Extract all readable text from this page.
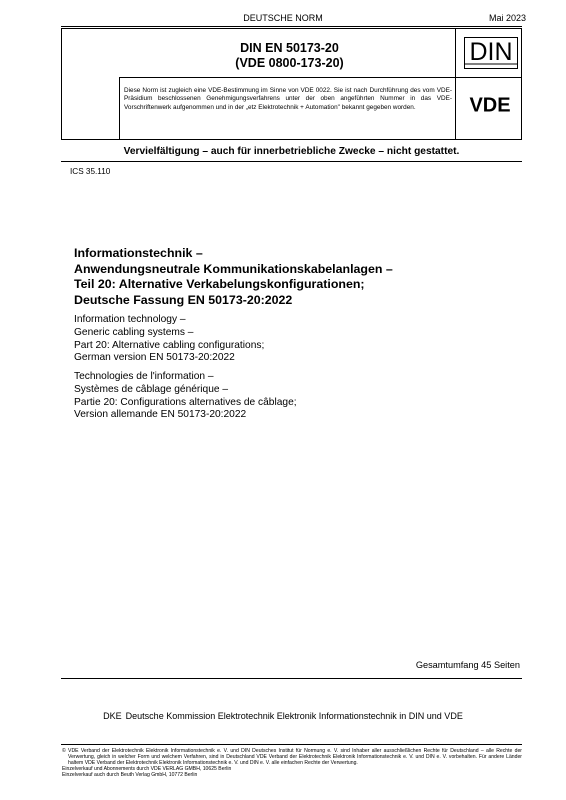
DEUTSCHE NORM	Mai 2023
DIN EN 50173-20
(VDE 0800-173-20)
Diese Norm ist zugleich eine VDE-Bestimmung im Sinne von VDE 0022. Sie ist nach Durchführung des vom VDE-Präsidium beschlossenen Genehmigungsverfahrens unter der oben angeführten Nummer in das VDE-Vorschriftenwerk aufgenommen und in der „etz Elektrotechnik + Automation" bekannt gegeben worden.
DIN
VDE
Vervielfältigung – auch für innerbetriebliche Zwecke – nicht gestattet.
ICS 35.110
Informationstechnik –
Anwendungsneutrale Kommunikationskabelanlagen –
Teil 20: Alternative Verkabelungskonfigurationen;
Deutsche Fassung EN 50173-20:2022
Information technology –
Generic cabling systems –
Part 20: Alternative cabling configurations;
German version EN 50173-20:2022
Technologies de l'information –
Systèmes de câblage générique –
Partie 20: Configurations alternatives de câblage;
Version allemande EN 50173-20:2022
Gesamtumfang 45 Seiten
DKE Deutsche Kommission Elektrotechnik Elektronik Informationstechnik in DIN und VDE
© VDE Verband der Elektrotechnik Elektronik Informationstechnik e. V. und DIN Deutsches Institut für Normung e. V. sind Inhaber aller ausschließlichen Rechte für Deutschland – alle Rechte der Verwertung, gleich in welcher Form und welchem Verfahren, sind in Deutschland VDE Verband der Elektrotechnik Elektronik Informationstechnik e. V. und DIN e. V. vorbehalten. Für andere Länder haltem VDE Verband der Elektrotechnik Elektronik Informationstechnik e. V. und DIN e. V. alle einfachen Rechte der Verwertung.
Einzelverkauf und Abonnements durch VDE VERLAG GMBH, 10625 Berlin
Einzelverkauf auch durch Beuth Verlag GmbH, 10772 Berlin
